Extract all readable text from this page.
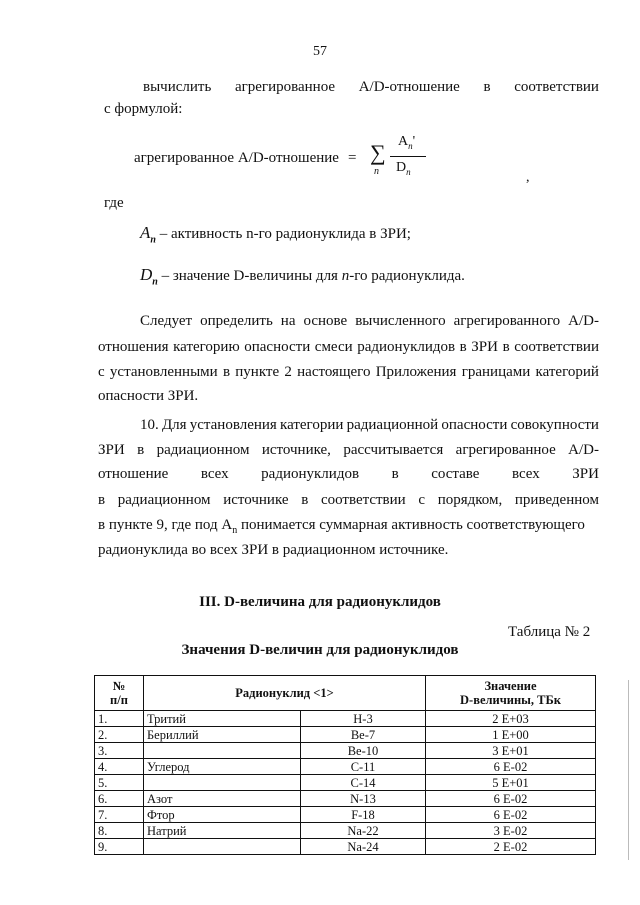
57
вычислить агрегированное A/D-отношение в соответствии
с формулой:
агрегированное A/D-отношение = ∑
n
$A_n'$
$D_n$	,
где
$A_n$ – активность n-го радионуклида в ЗРИ;
$D_n$ – значение D-величины для n-го радионуклида.
Следует определить на основе вычисленного агрегированного A/D-
отношения категорию опасности смеси радионуклидов в ЗРИ в соответствии
с установленными в пункте 2 настоящего Приложения границами категорий
опасности ЗРИ.
10. Для установления категории радиационной опасности совокупности
ЗРИ в радиационном источнике, рассчитывается агрегированное A/D-
отношение всех радионуклидов в составе всех ЗРИ
в радиационном источнике в соответствии с порядком, приведенном
в пункте 9, где под $A_n$ понимается суммарная активность соответствующего
радионуклида во всех ЗРИ в радиационном источнике.
III. D-величина для радионуклидов
Таблица № 2
Значения D-величин для радионуклидов
№
п/п	Радионуклид <1>		Значение
D-величины, ТБк
1.	Тритий	H-3	2 E+03
2.	Бериллий	Be-7	1 E+00
3.		Be-10	3 E+01
4.	Углерод	C-11	6 E-02
5.		C-14	5 E+01
6.	Азот	N-13	6 E-02
7.	Фтор	F-18	6 E-02
8.	Натрий	Na-22	3 E-02
9.		Na-24	2 E-02
